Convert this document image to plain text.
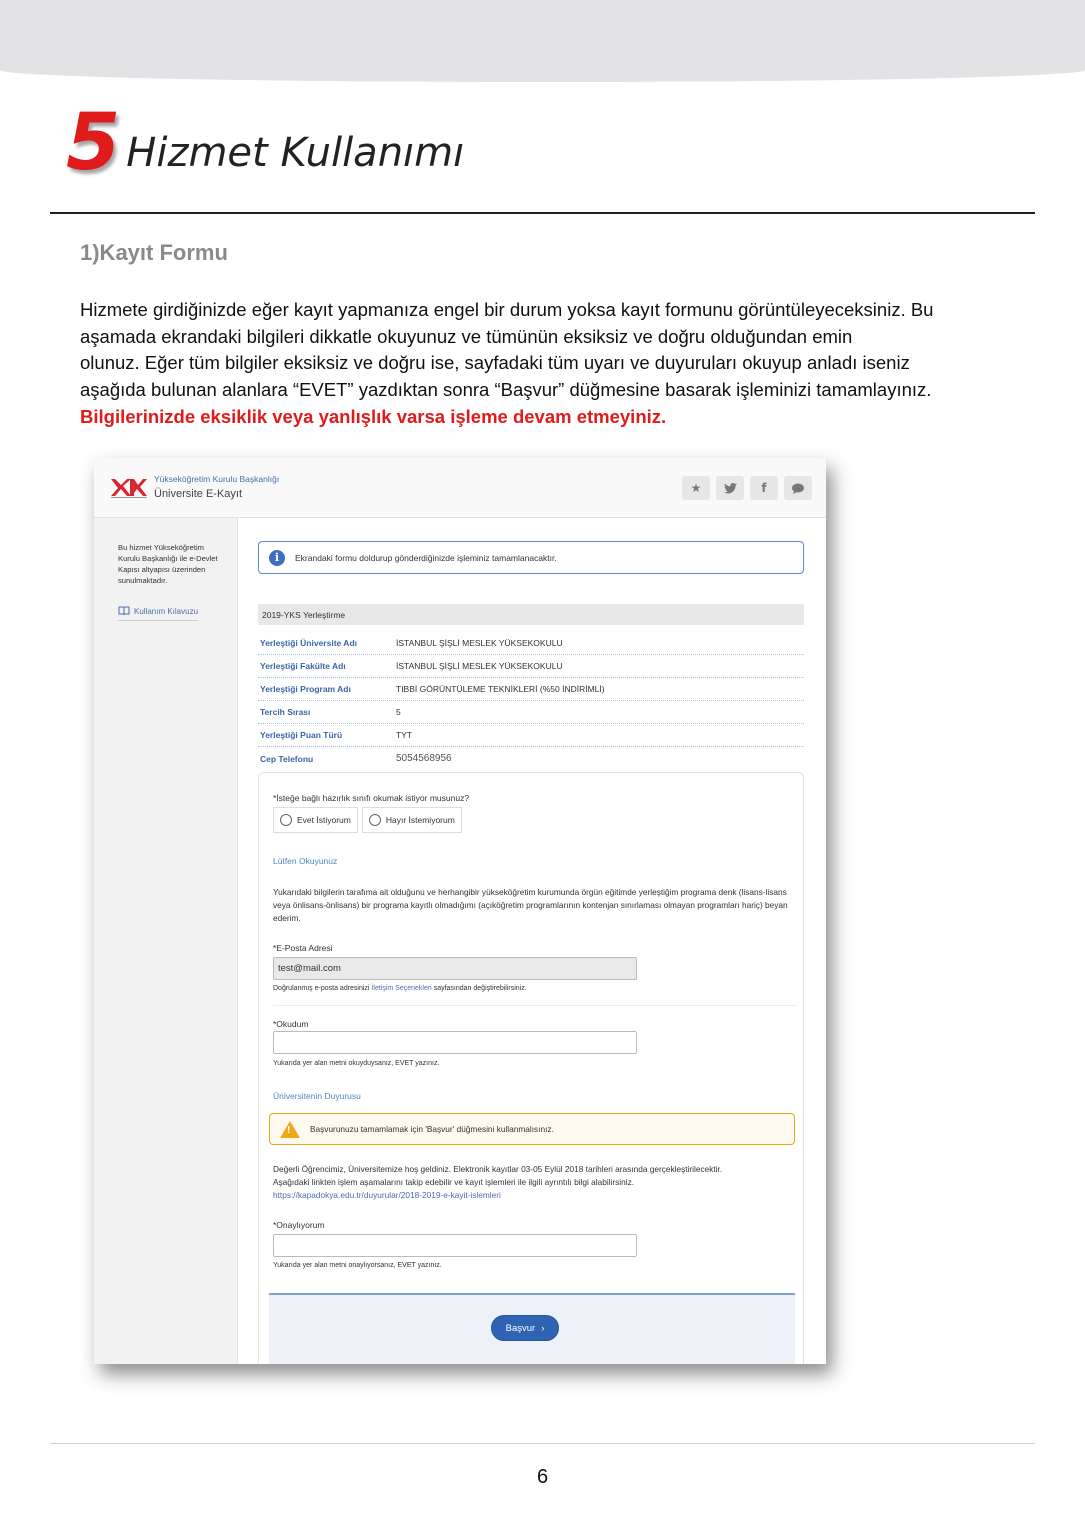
5 Hizmet Kullanımı
1)Kayıt Formu

Hizmete girdiğinizde eğer kayıt yapmanıza engel bir durum yoksa kayıt formunu görüntüleyeceksiniz. Bu

aşamada ekrandaki bilgileri dikkatle okuyunuz ve tümünün eksiksiz ve doğru olduğundan emin

olunuz. Eğer tüm bilgiler eksiksiz ve doğru ise, sayfadaki tüm uyarı ve duyuruları okuyup anladı iseniz

aşağıda bulunan alanlara “EVET” yazdıktan sonra “Başvur” düğmesine basarak işleminizi tamamlayınız.

Bilgilerinizde eksiklik veya yanlışlık varsa işleme devam etmeyiniz.

Yükseköğretim Kurulu Başkanlığı
Üniversite E-Kayıt	★	f
Bu hizmet Yükseköğretim Kurulu Başkanlığı ile e-Devlet Kapısı altyapısı üzerinden sunulmaktadır.
Kullanım Kılavuzu
i	Ekrandaki formu doldurup gönderdiğinizde işleminiz tamamlanacaktır.
2019-YKS Yerleştirme
Yerleştiği Üniversite Adı	İSTANBUL ŞİŞLİ MESLEK YÜKSEKOKULU
Yerleştiği Fakülte Adı	İSTANBUL ŞİŞLİ MESLEK YÜKSEKOKULU
Yerleştiği Program Adı	TIBBİ GÖRÜNTÜLEME TEKNİKLERİ (%50 İNDİRİMLİ)
Tercih Sırası	5
Yerleştiği Puan Türü	TYT
Cep Telefonu	5054568956
*İsteğe bağlı hazırlık sınıfı okumak istiyor musunuz?
Evet İstiyorum	Hayır İstemiyorum
Lütfen Okuyunuz
Yukarıdaki bilgilerin tarafıma ait olduğunu ve herhangibir yükseköğretim kurumunda örgün eğitimde yerleştiğim programa denk (lisans-lisans veya önlisans-önlisans) bir programa kayıtlı olmadığımı (açıköğretim programlarının kontenjan sınırlaması olmayan programları hariç) beyan ederim.
*E-Posta Adresi
test@mail.com
Doğrulanmış e-posta adresinizi İletişim Seçenekleri sayfasından değiştirebilirsiniz.
*Okudum
Yukarıda yer alan metni okuyduysanız, EVET yazınız.
Üniversitenin Duyurusu
! Başvurunuzu tamamlamak için 'Başvur' düğmesini kullanmalısınız.
Değerli Öğrencimiz, Üniversitemize hoş geldiniz. Elektronik kayıtlar 03-05 Eylül 2018 tarihleri arasında gerçekleştirilecektir.
Aşağıdaki linkten işlem aşamalarını takip edebilir ve kayıt işlemleri ile ilgili ayrıntılı bilgi alabilirsiniz.
https://kapadokya.edu.tr/duyurular/2018-2019-e-kayit-islemleri
*Onaylıyorum
Yukarıda yer alan metni onaylıyorsanız, EVET yazınız.
Başvur ›
6
